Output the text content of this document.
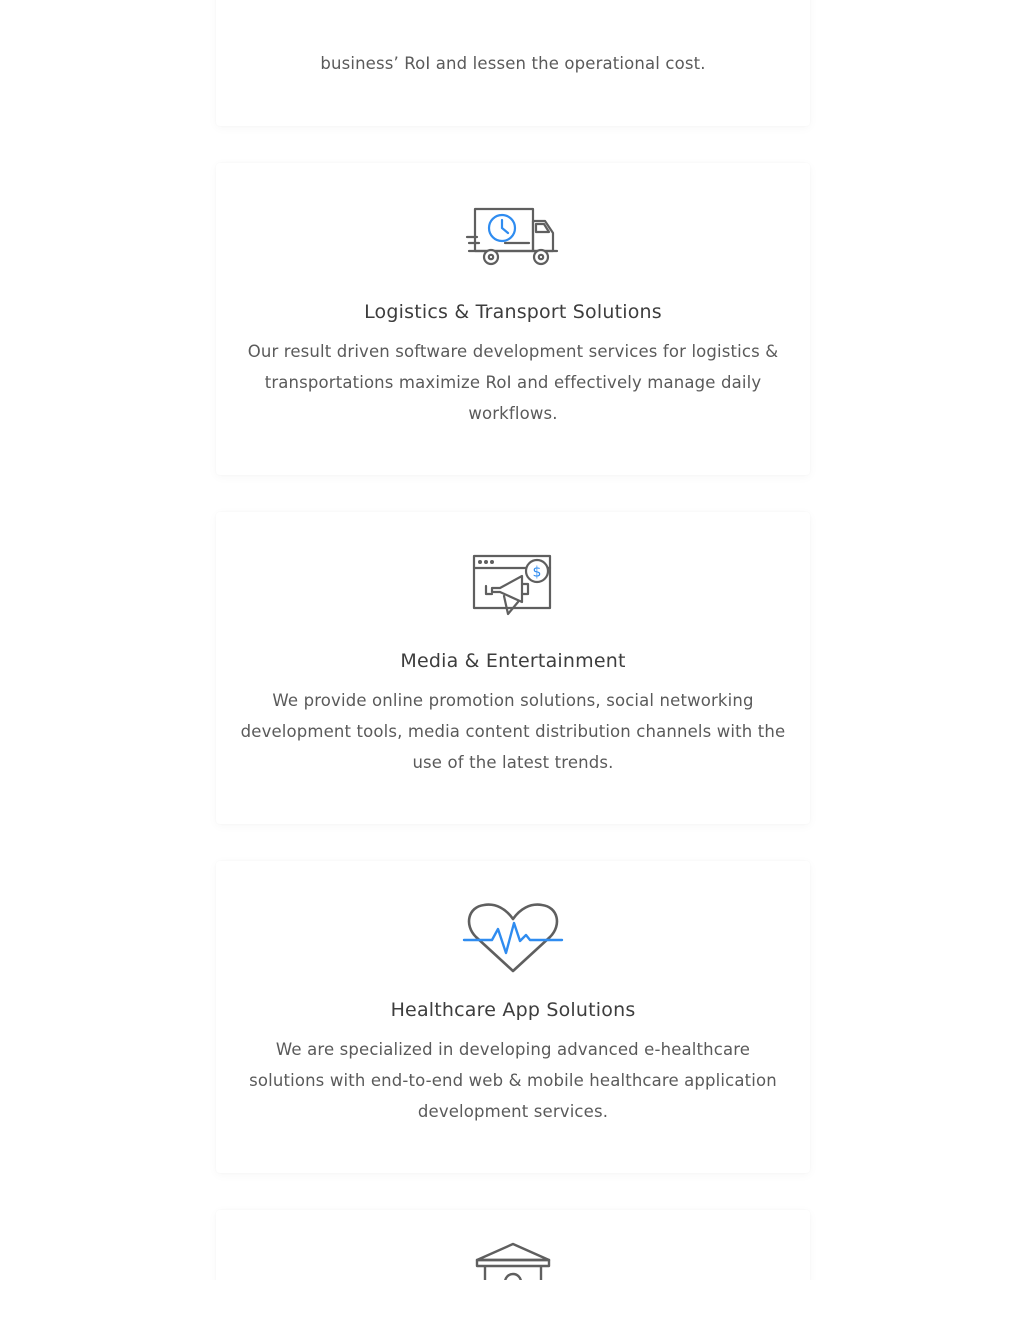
business’ RoI and lessen the operational cost.

Logistics & Transport Solutions

Our result driven software development services for logistics & transportations maximize RoI and effectively manage daily workflows.

$
Media & Entertainment

We provide online promotion solutions, social networking development tools, media content distribution channels with the use of the latest trends.

Healthcare App Solutions

We are specialized in developing advanced e-healthcare solutions with end-to-end web & mobile healthcare application development services.
